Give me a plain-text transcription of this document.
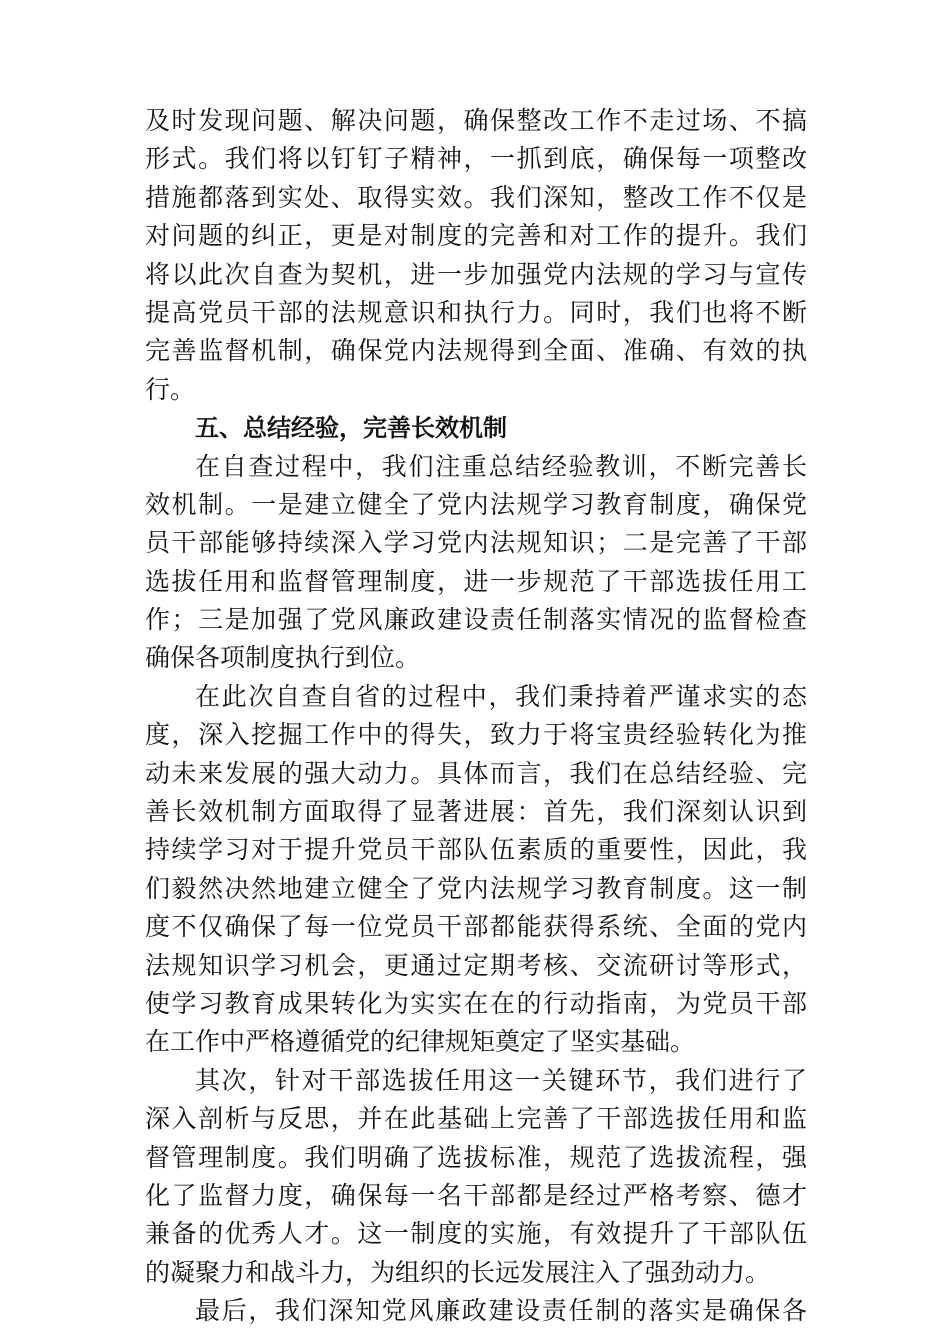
及时发现问题、解决问题，确保整改工作不走过场、不搞
形式。我们将以钉钉子精神，一抓到底，确保每一项整改
措施都落到实处、取得实效。我们深知，整改工作不仅是
对问题的纠正，更是对制度的完善和对工作的提升。我们
将以此次自查为契机，进一步加强党内法规的学习与宣传
提高党员干部的法规意识和执行力。同时，我们也将不断
完善监督机制，确保党内法规得到全面、准确、有效的执
行。
五、总结经验，完善长效机制
在自查过程中，我们注重总结经验教训，不断完善长
效机制。一是建立健全了党内法规学习教育制度，确保党
员干部能够持续深入学习党内法规知识；二是完善了干部
选拔任用和监督管理制度，进一步规范了干部选拔任用工
作；三是加强了党风廉政建设责任制落实情况的监督检查
确保各项制度执行到位。
在此次自查自省的过程中，我们秉持着严谨求实的态
度，深入挖掘工作中的得失，致力于将宝贵经验转化为推
动未来发展的强大动力。具体而言，我们在总结经验、完
善长效机制方面取得了显著进展：首先，我们深刻认识到
持续学习对于提升党员干部队伍素质的重要性，因此，我
们毅然决然地建立健全了党内法规学习教育制度。这一制
度不仅确保了每一位党员干部都能获得系统、全面的党内
法规知识学习机会，更通过定期考核、交流研讨等形式，
使学习教育成果转化为实实在在的行动指南，为党员干部
在工作中严格遵循党的纪律规矩奠定了坚实基础。
其次，针对干部选拔任用这一关键环节，我们进行了
深入剖析与反思，并在此基础上完善了干部选拔任用和监
督管理制度。我们明确了选拔标准，规范了选拔流程，强
化了监督力度，确保每一名干部都是经过严格考察、德才
兼备的优秀人才。这一制度的实施，有效提升了干部队伍
的凝聚力和战斗力，为组织的长远发展注入了强劲动力。
最后，我们深知党风廉政建设责任制的落实是确保各
